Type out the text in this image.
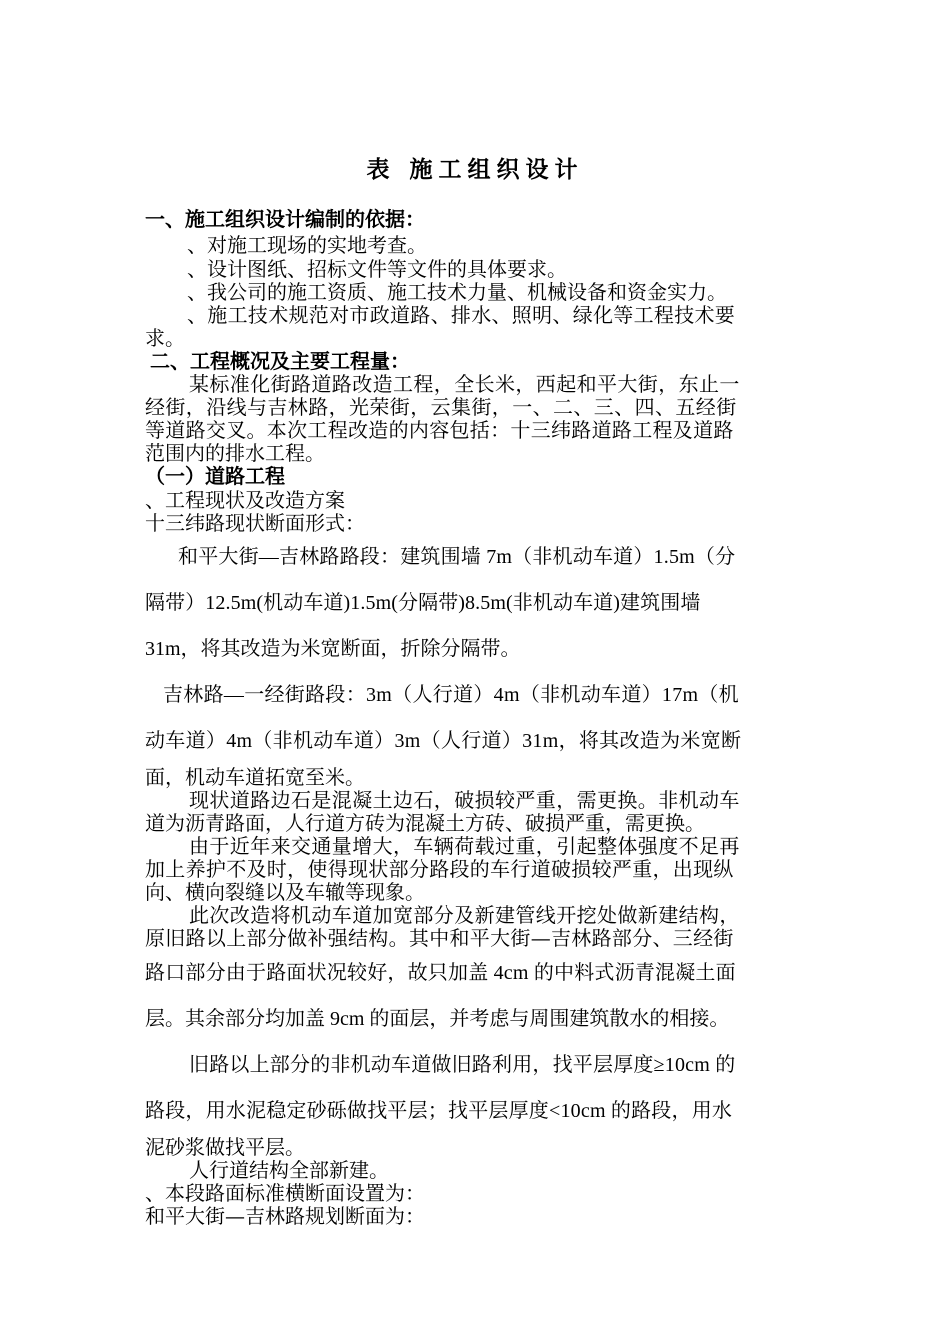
表 施工组织设计
一、施工组织设计编制的依据：
、对施工现场的实地考查。
、设计图纸、招标文件等文件的具体要求。
、我公司的施工资质、施工技术力量、机械设备和资金实力。
、施工技术规范对市政道路、排水、照明、绿化等工程技术要
求。
二、工程概况及主要工程量：
某标准化街路道路改造工程，全长米，西起和平大街，东止一
经街，沿线与吉林路，光荣街，云集街，一、二、三、四、五经街
等道路交叉。本次工程改造的内容包括：十三纬路道路工程及道路
范围内的排水工程。
（一）道路工程
、工程现状及改造方案
十三纬路现状断面形式：
和平大街—吉林路路段：建筑围墙 7m（非机动车道）1.5m（分
隔带）12.5m(机动车道)1.5m(分隔带)8.5m(非机动车道)建筑围墙
31m，将其改造为米宽断面，折除分隔带。
吉林路—一经街路段：3m（人行道）4m（非机动车道）17m（机
动车道）4m（非机动车道）3m（人行道）31m，将其改造为米宽断
面，机动车道拓宽至米。
现状道路边石是混凝土边石，破损较严重，需更换。非机动车
道为沥青路面，人行道方砖为混凝土方砖、破损严重，需更换。
由于近年来交通量增大，车辆荷载过重，引起整体强度不足再
加上养护不及时，使得现状部分路段的车行道破损较严重，出现纵
向、横向裂缝以及车辙等现象。
此次改造将机动车道加宽部分及新建管线开挖处做新建结构，
原旧路以上部分做补强结构。其中和平大街—吉林路部分、三经街
路口部分由于路面状况较好，故只加盖 4cm 的中料式沥青混凝土面
层。其余部分均加盖 9cm 的面层，并考虑与周围建筑散水的相接。
旧路以上部分的非机动车道做旧路利用，找平层厚度≥10cm 的
路段，用水泥稳定砂砾做找平层；找平层厚度<10cm 的路段，用水
泥砂浆做找平层。
人行道结构全部新建。
、本段路面标准横断面设置为：
和平大街—吉林路规划断面为：
